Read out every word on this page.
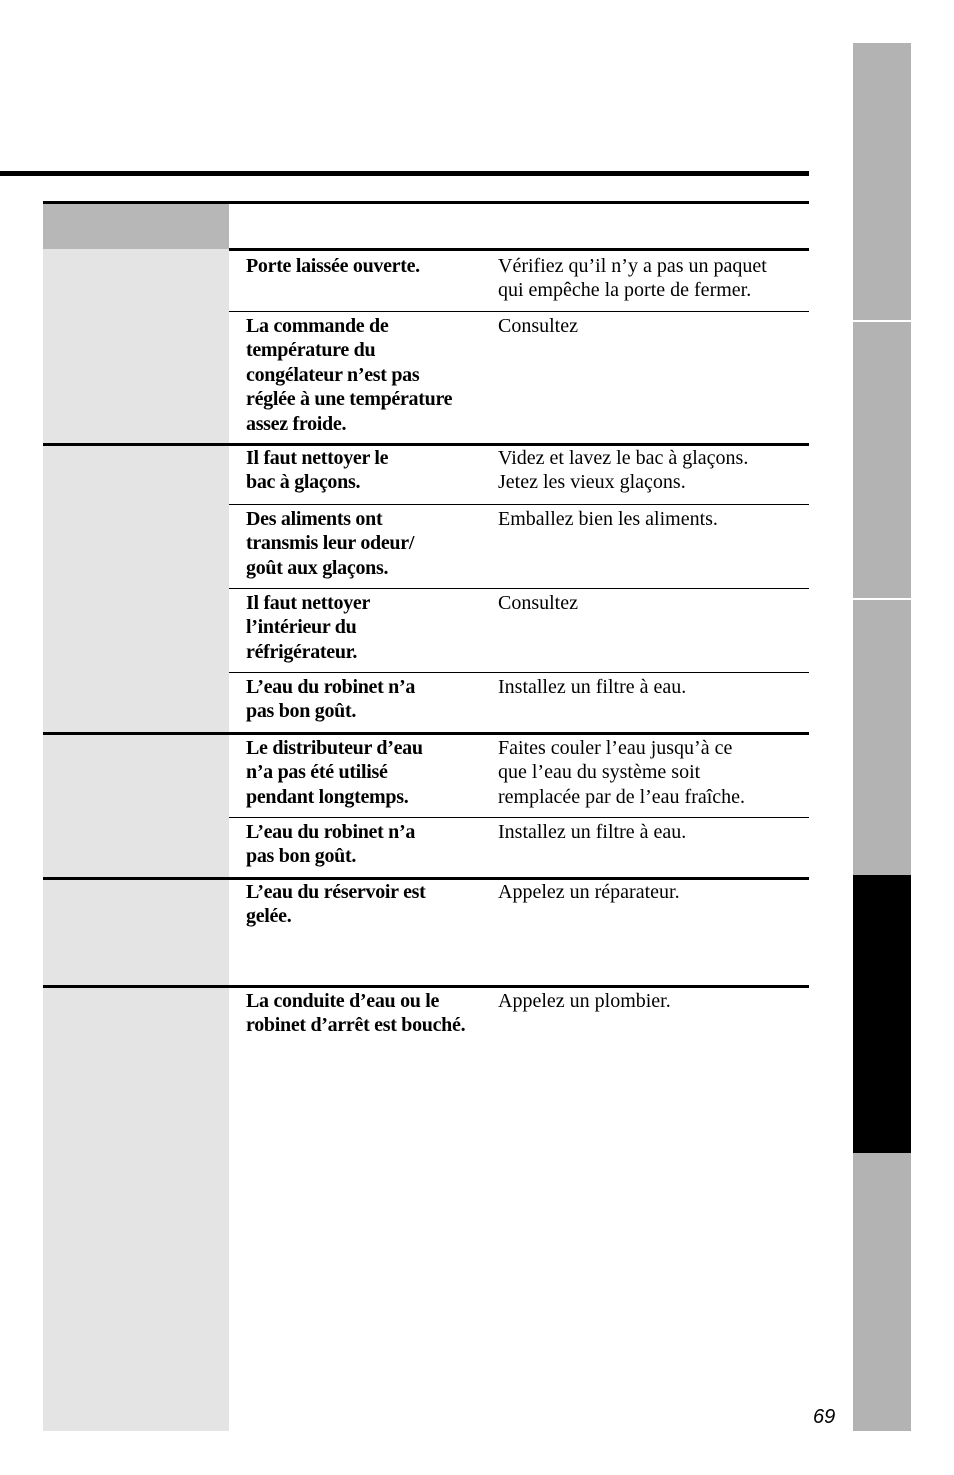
Porte laissée ouverte.	Vérifiez qu’il n’y a pas un paquet
qui empêche la porte de fermer.
La commande de
température du
congélateur n’est pas
réglée à une température
assez froide.
Consultez
Il faut nettoyer le
bac à glaçons.
Videz et lavez le bac à glaçons.
Jetez les vieux glaçons.
Des aliments ont
transmis leur odeur/
goût aux glaçons.
Emballez bien les aliments.
Il faut nettoyer
l’intérieur du
réfrigérateur.
Consultez
L’eau du robinet n’a
pas bon goût.
Installez un filtre à eau.
Le distributeur d’eau
n’a pas été utilisé
pendant longtemps.
Faites couler l’eau jusqu’à ce
que l’eau du système soit
remplacée par de l’eau fraîche.
L’eau du robinet n’a
pas bon goût.
Installez un filtre à eau.
L’eau du réservoir est
gelée.
Appelez un réparateur.
La conduite d’eau ou le
robinet d’arrêt est bouché.
Appelez un plombier.
69
